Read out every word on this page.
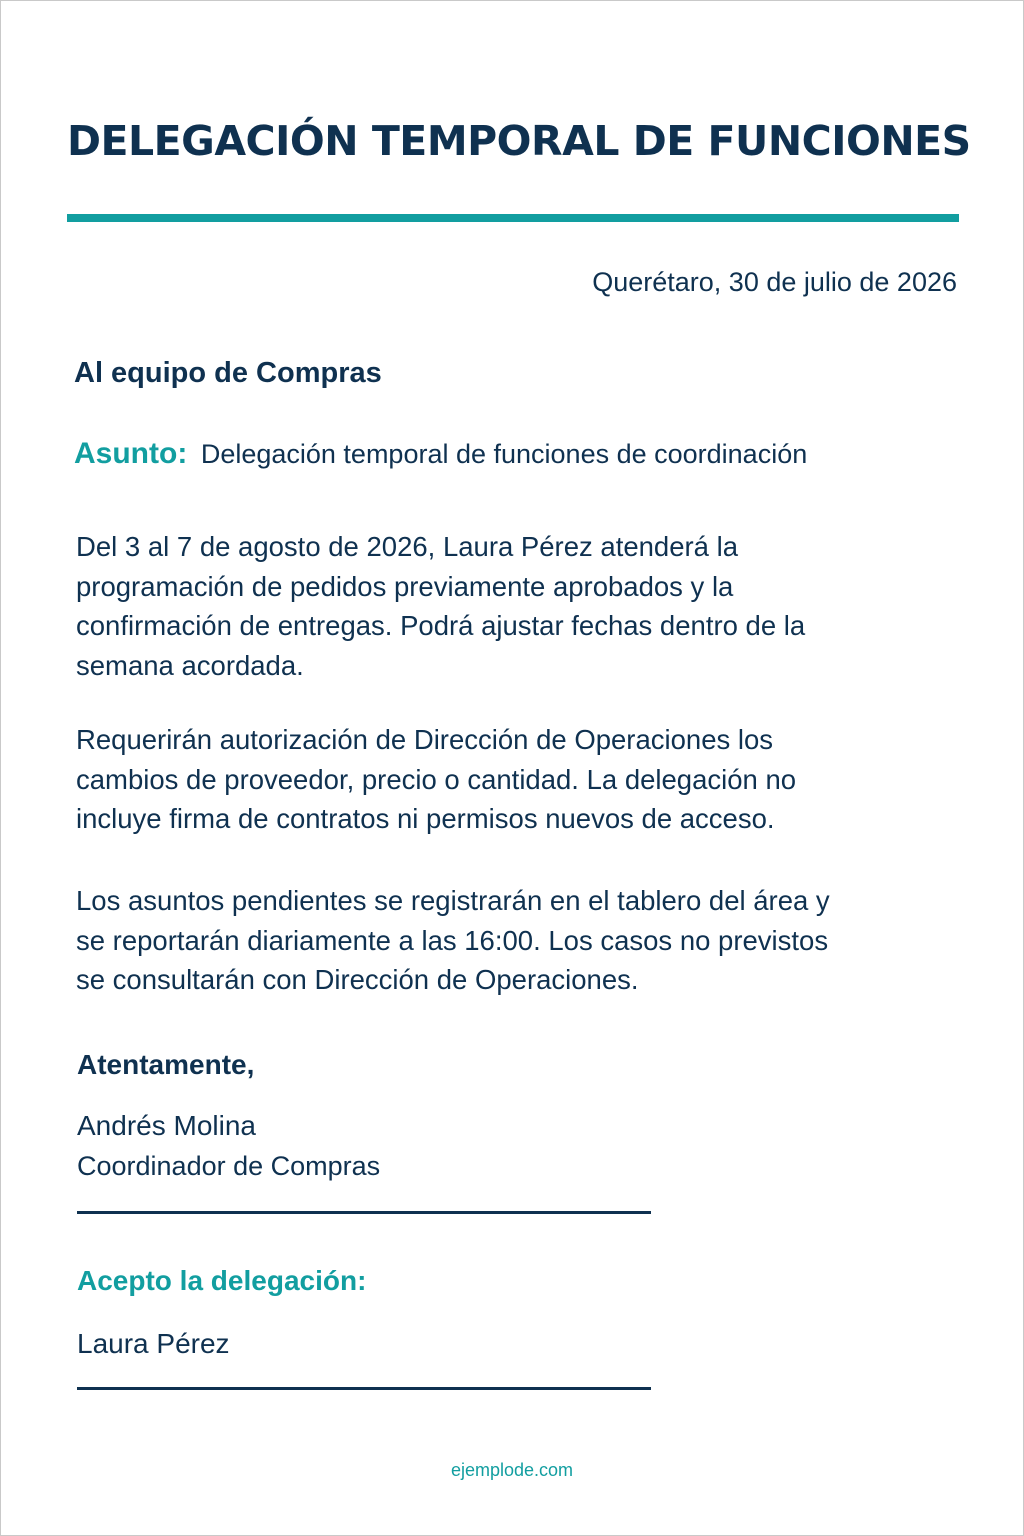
DELEGACIÓN TEMPORAL DE FUNCIONES
Querétaro, 30 de julio de 2026
Al equipo de Compras
Asunto: Delegación temporal de funciones de coordinación

Del 3 al 7 de agosto de 2026, Laura Pérez atenderá la programación de pedidos previamente aprobados y la confirmación de entregas. Podrá ajustar fechas dentro de la semana acordada.

Requerirán autorización de Dirección de Operaciones los cambios de proveedor, precio o cantidad. La delegación no incluye firma de contratos ni permisos nuevos de acceso.

Los asuntos pendientes se registrarán en el tablero del área y se reportarán diariamente a las 16:00. Los casos no previstos se consultarán con Dirección de Operaciones.

Atentamente,
Andrés Molina
Coordinador de Compras
Acepto la delegación:
Laura Pérez
ejemplode.com
